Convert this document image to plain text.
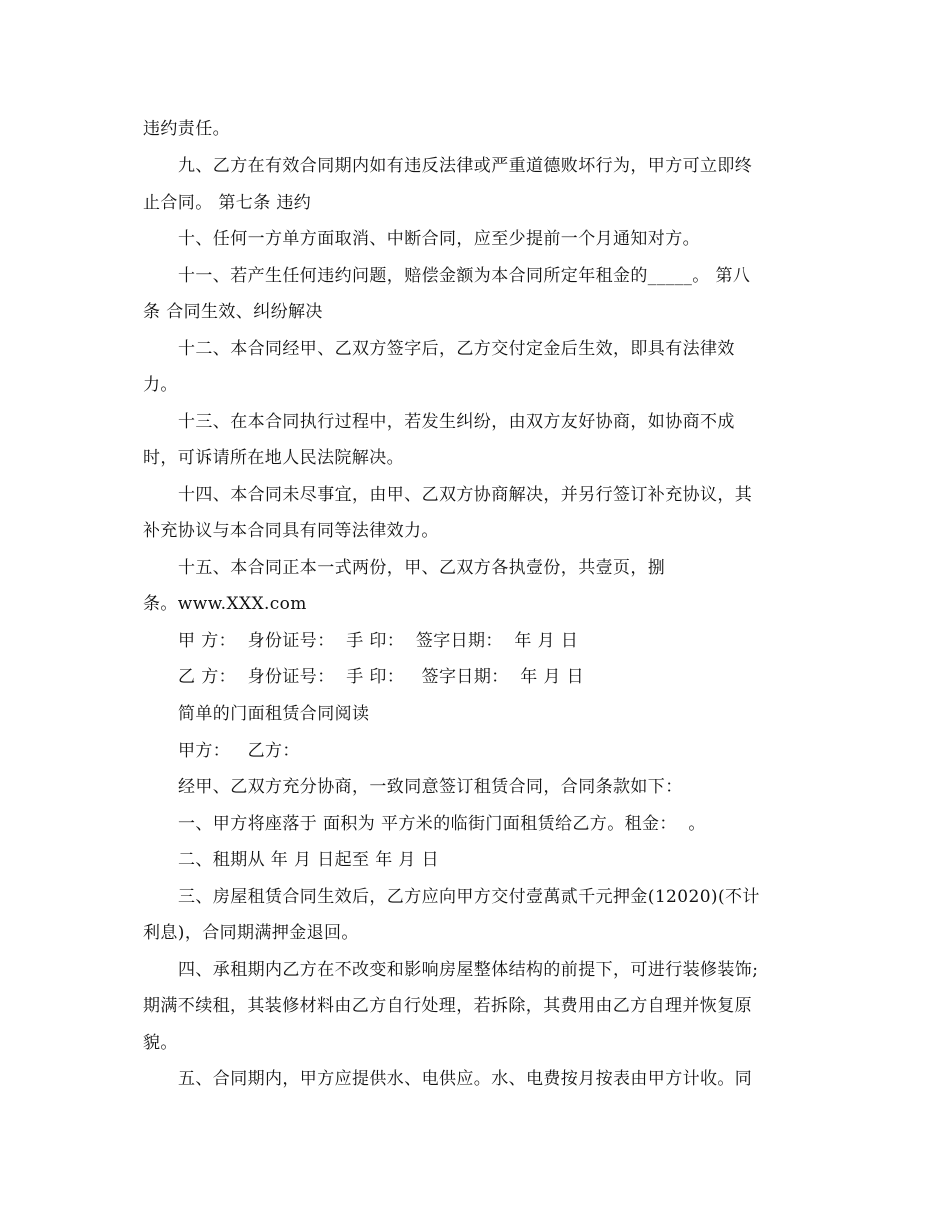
违约责任。
九、乙方在有效合同期内如有违反法律或严重道德败坏行为，甲方可立即终
止合同。 第七条 违约
十、任何一方单方面取消、中断合同，应至少提前一个月通知对方。
十一、若产生任何违约问题，赔偿金额为本合同所定年租金的_____。 第八
条 合同生效、纠纷解决
十二、本合同经甲、乙双方签字后，乙方交付定金后生效，即具有法律效
力。
十三、在本合同执行过程中，若发生纠纷，由双方友好协商，如协商不成
时，可诉请所在地人民法院解决。
十四、本合同未尽事宜，由甲、乙双方协商解决，并另行签订补充协议，其
补充协议与本合同具有同等法律效力。
十五、本合同正本一式两份，甲、乙双方各执壹份，共壹页，捌
条。www.XXX.com
甲 方：  身份证号：  手 印：  签字日期：  年 月 日
乙 方：  身份证号：  手 印：   签字日期：  年 月 日
简单的门面租赁合同阅读
甲方：   乙方：
经甲、乙双方充分协商，一致同意签订租赁合同，合同条款如下：
一、甲方将座落于 面积为 平方米的临街门面租赁给乙方。租金：  。
二、租期从 年 月 日起至 年 月 日
三、房屋租赁合同生效后，乙方应向甲方交付壹萬贰千元押金(12020)(不计
利息)，合同期满押金退回。
四、承租期内乙方在不改变和影响房屋整体结构的前提下，可进行装修装饰;
期满不续租，其装修材料由乙方自行处理，若拆除，其费用由乙方自理并恢复原
貌。
五、合同期内，甲方应提供水、电供应。水、电费按月按表由甲方计收。同
